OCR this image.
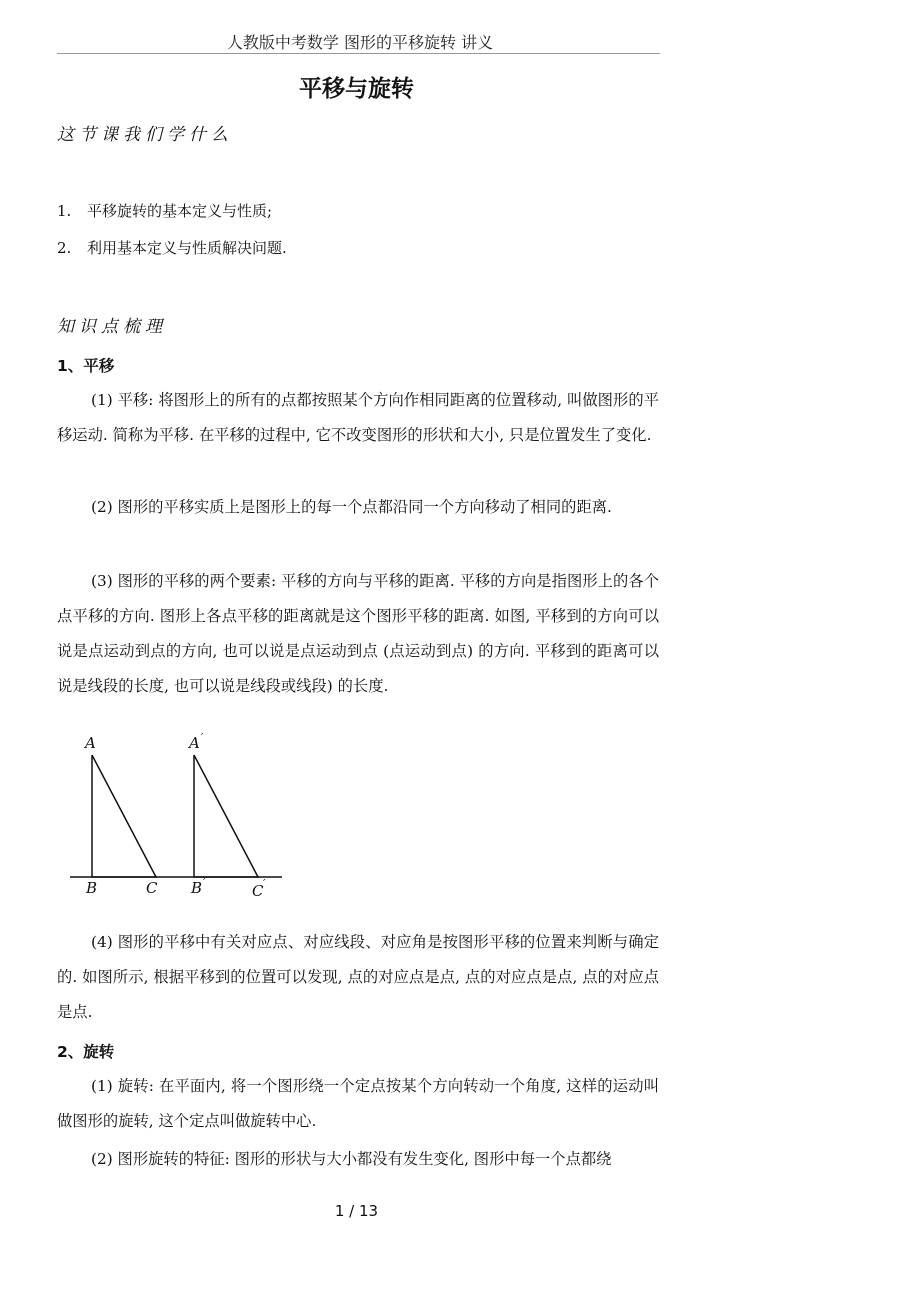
人教版中考数学 图形的平移旋转 讲义
平移与旋转
这节课我们学什么
1. 平移旋转的基本定义与性质;
2. 利用基本定义与性质解决问题.
知识点梳理
1、平移

(1) 平移: 将图形上的所有的点都按照某个方向作相同距离的位置移动, 叫做图形的平移运动. 简称为平移. 在平移的过程中, 它不改变图形的形状和大小, 只是位置发生了变化.

(2) 图形的平移实质上是图形上的每一个点都沿同一个方向移动了相同的距离.

(3) 图形的平移的两个要素: 平移的方向与平移的距离. 平移的方向是指图形上的各个点平移的方向. 图形上各点平移的距离就是这个图形平移的距离. 如图, 平移到的方向可以说是点运动到点的方向, 也可以说是点运动到点 (点运动到点) 的方向. 平移到的距离可以说是线段的长度, 也可以说是线段或线段) 的长度.

A
B	C
A ′
B ′	C ′

(4) 图形的平移中有关对应点、对应线段、对应角是按图形平移的位置来判断与确定的. 如图所示, 根据平移到的位置可以发现, 点的对应点是点, 点的对应点是点, 点的对应点是点.

2、旋转

(1) 旋转: 在平面内, 将一个图形绕一个定点按某个方向转动一个角度, 这样的运动叫做图形的旋转, 这个定点叫做旋转中心.

(2) 图形旋转的特征: 图形的形状与大小都没有发生变化, 图形中每一个点都绕

1 / 13
